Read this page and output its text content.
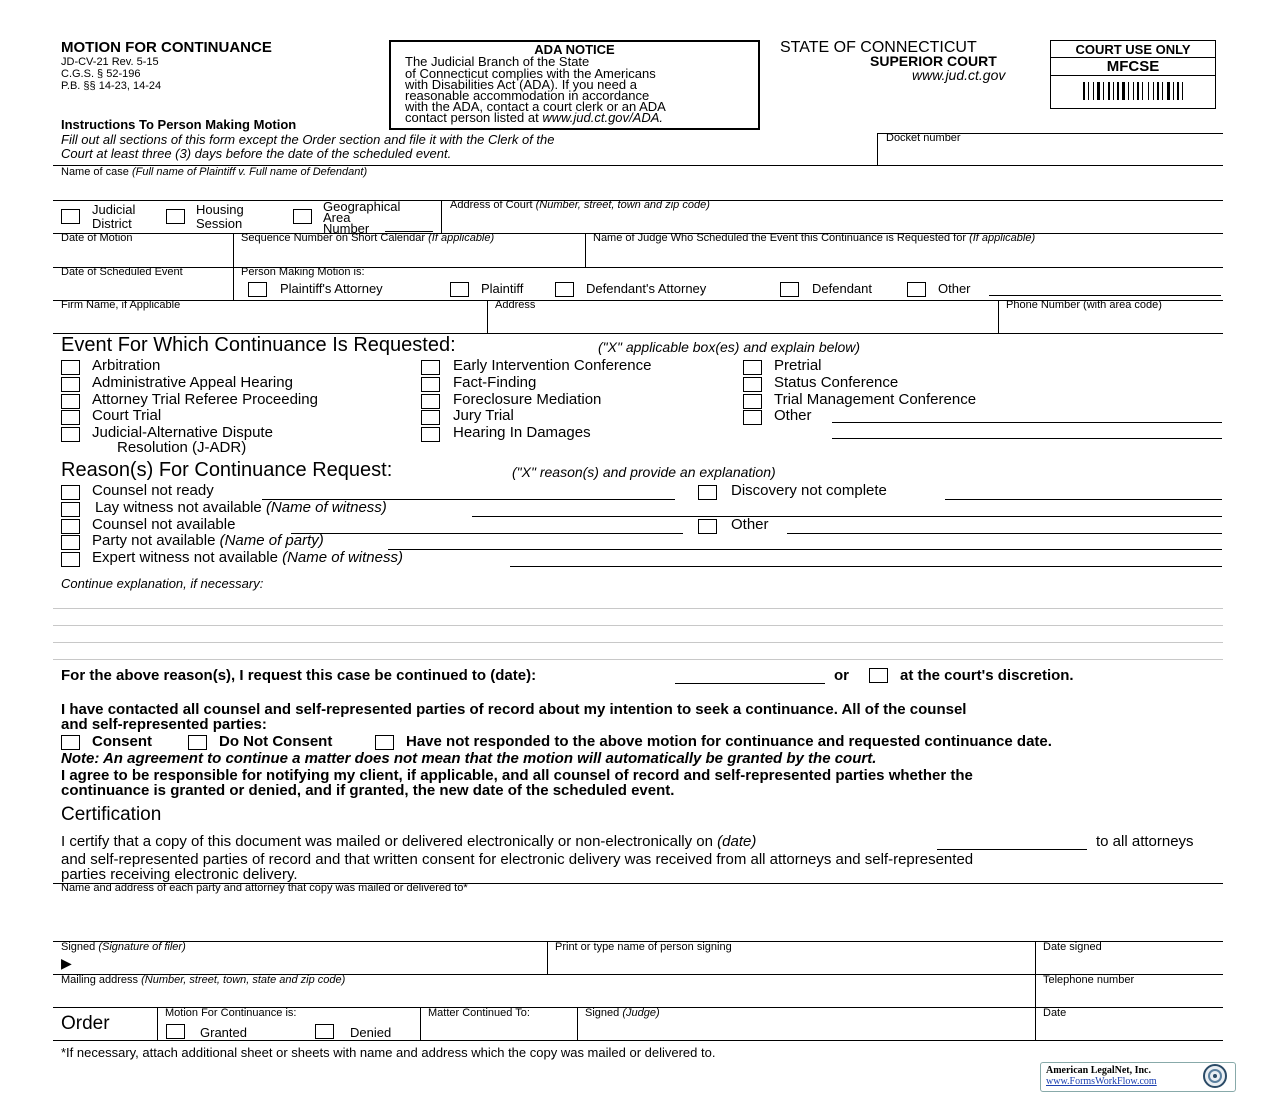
MOTION FOR CONTINUANCE
JD-CV-21 Rev. 5-15
C.G.S. § 52-196
P.B. §§ 14-23, 14-24
ADA NOTICE
The Judicial Branch of the State
of Connecticut complies with the Americans
with Disabilities Act (ADA). If you need a
reasonable accommodation in accordance
with the ADA, contact a court clerk or an ADA
contact person listed at www.jud.ct.gov/ADA.
STATE OF CONNECTICUT
SUPERIOR COURT
www.jud.ct.gov
COURT USE ONLY
MFCSE
Instructions To Person Making Motion
Fill out all sections of this form except the Order section and file it with the Clerk of the
Court at least three (3) days before the date of the scheduled event.
Docket number
Name of case (Full name of Plaintiff v. Full name of Defendant)
Judicial
District
Housing
Session
Geographical
Area
Number
Address of Court (Number, street, town and zip code)
Date of Motion	Sequence Number on Short Calendar (If applicable)	Name of Judge Who Scheduled the Event this Continuance is Requested for (If applicable)
Date of Scheduled Event	Person Making Motion is:
Plaintiff's Attorney	Plaintiff	Defendant's Attorney	Defendant	Other
Firm Name, if Applicable	Address	Phone Number (with area code)
Event For Which Continuance Is Requested:	("X" applicable box(es) and explain below)
Arbitration
Administrative Appeal Hearing
Attorney Trial Referee Proceeding
Court Trial
Judicial-Alternative Dispute
Resolution (J-ADR)
Early Intervention Conference
Fact-Finding
Foreclosure Mediation
Jury Trial
Hearing In Damages
Pretrial
Status Conference
Trial Management Conference
Other
Reason(s) For Continuance Request:	("X" reason(s) and provide an explanation)
Counsel not ready	Discovery not complete
Lay witness not available (Name of witness)
Counsel not available	Other
Party not available (Name of party)
Expert witness not available (Name of witness)
Continue explanation, if necessary:
For the above reason(s), I request this case be continued to (date):	or	at the court's discretion.
I have contacted all counsel and self-represented parties of record about my intention to seek a continuance. All of the counsel
and self-represented parties:
Consent	Do Not Consent	Have not responded to the above motion for continuance and requested continuance date.
Note: An agreement to continue a matter does not mean that the motion will automatically be granted by the court.
I agree to be responsible for notifying my client, if applicable, and all counsel of record and self-represented parties whether the
continuance is granted or denied, and if granted, the new date of the scheduled event.
Certification
I certify that a copy of this document was mailed or delivered electronically or non-electronically on (date)	to all attorneys
and self-represented parties of record and that written consent for electronic delivery was received from all attorneys and self-represented
parties receiving electronic delivery.
Name and address of each party and attorney that copy was mailed or delivered to*
Signed (Signature of filer)
▶
Print or type name of person signing	Date signed
Mailing address (Number, street, town, state and zip code)	Telephone number
Order	Motion For Continuance is:
Granted	Denied
Matter Continued To:	Signed (Judge)	Date
*If necessary, attach additional sheet or sheets with name and address which the copy was mailed or delivered to.
American LegalNet, Inc.
www.FormsWorkFlow.com
